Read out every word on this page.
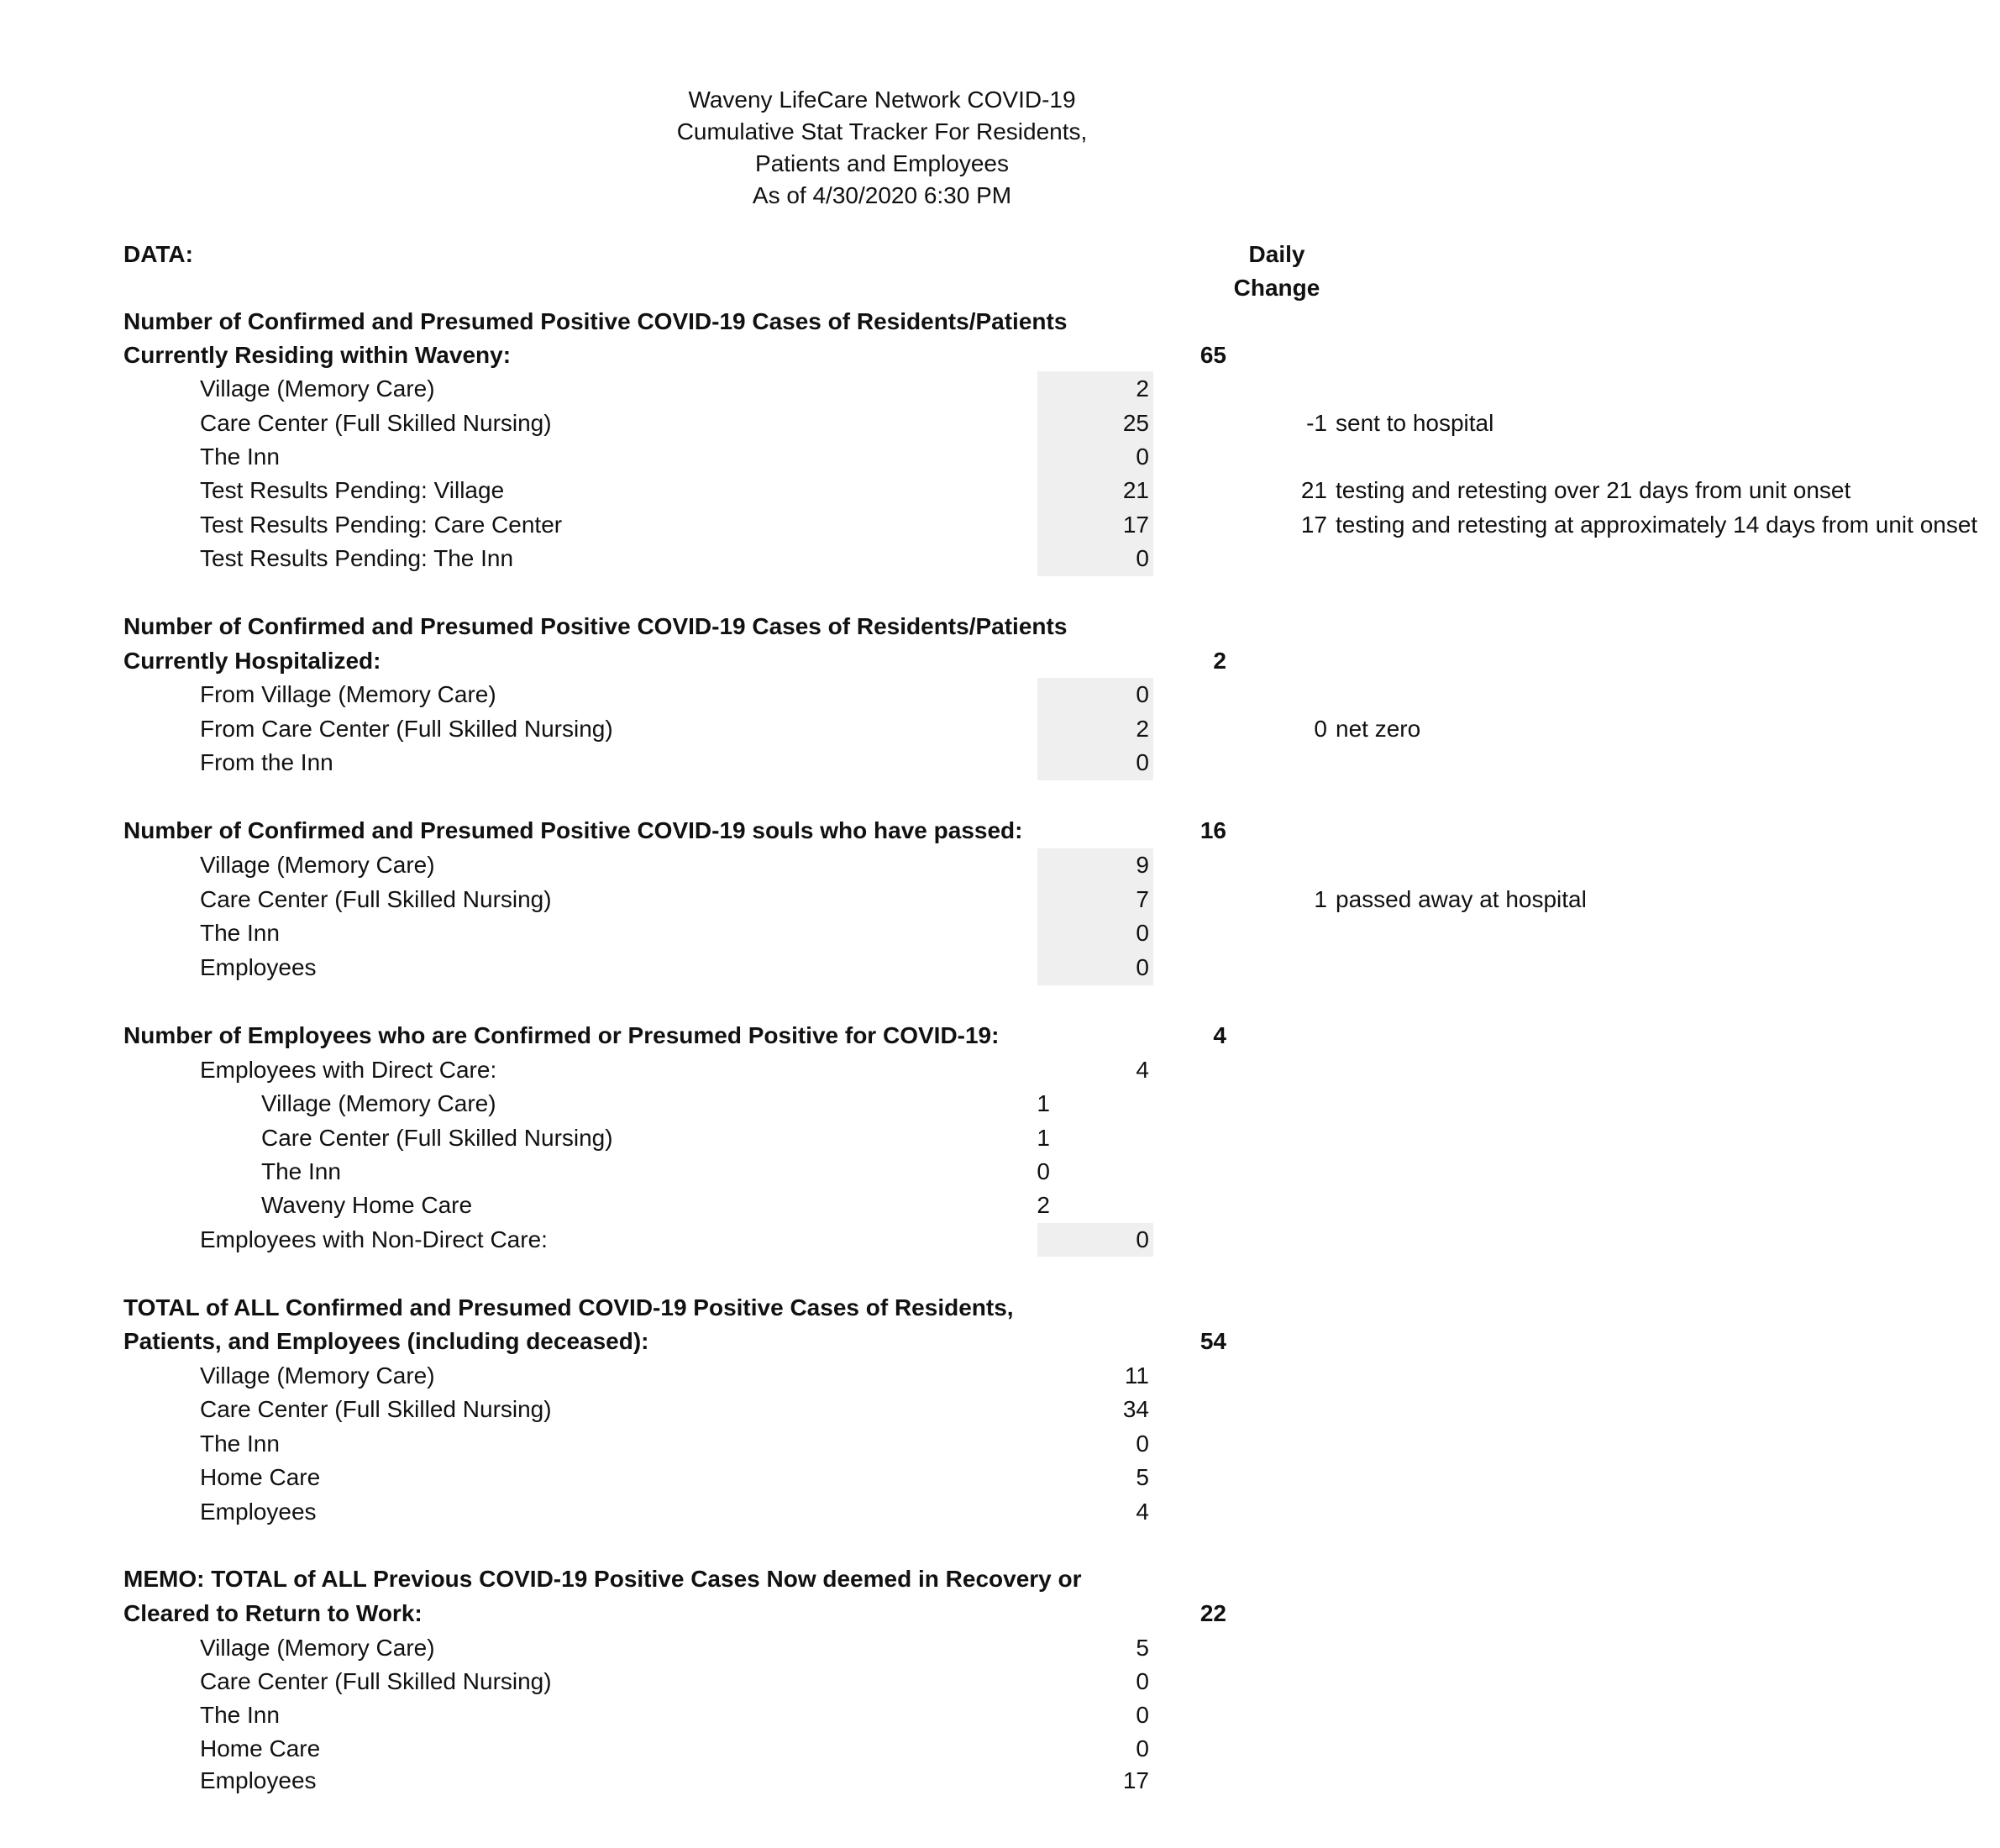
Waveny LifeCare Network COVID-19
Cumulative Stat Tracker For Residents,
Patients and Employees
As of 4/30/2020 6:30 PM
DATA:	Daily
Change
Number of Confirmed and Presumed Positive COVID-19 Cases of Residents/Patients
Currently Residing within Waveny:	65
Village (Memory Care)	2
Care Center (Full Skilled Nursing)	25	-1 sent to hospital
The Inn	0
Test Results Pending: Village	21	21 testing and retesting over 21 days from unit onset
Test Results Pending: Care Center	17	17 testing and retesting at approximately 14 days from unit onset
Test Results Pending: The Inn	0
Number of Confirmed and Presumed Positive COVID-19 Cases of Residents/Patients
Currently Hospitalized:	2
From Village (Memory Care)	0
From Care Center (Full Skilled Nursing)	2	0 net zero
From the Inn	0
Number of Confirmed and Presumed Positive COVID-19 souls who have passed:	16
Village (Memory Care)	9
Care Center (Full Skilled Nursing)	7	1 passed away at hospital
The Inn	0
Employees	0
Number of Employees who are Confirmed or Presumed Positive for COVID-19:	4
Employees with Direct Care:	4
Village (Memory Care)	1
Care Center (Full Skilled Nursing)	1
The Inn	0
Waveny Home Care	2
Employees with Non-Direct Care:	0
TOTAL of ALL Confirmed and Presumed COVID-19 Positive Cases of Residents,
Patients, and Employees (including deceased):	54
Village (Memory Care)	11
Care Center (Full Skilled Nursing)	34
The Inn	0
Home Care	5
Employees	4
MEMO: TOTAL of ALL Previous COVID-19 Positive Cases Now deemed in Recovery or
Cleared to Return to Work:	22
Village (Memory Care)	5
Care Center (Full Skilled Nursing)	0
The Inn	0
Home Care	0
Employees	17
